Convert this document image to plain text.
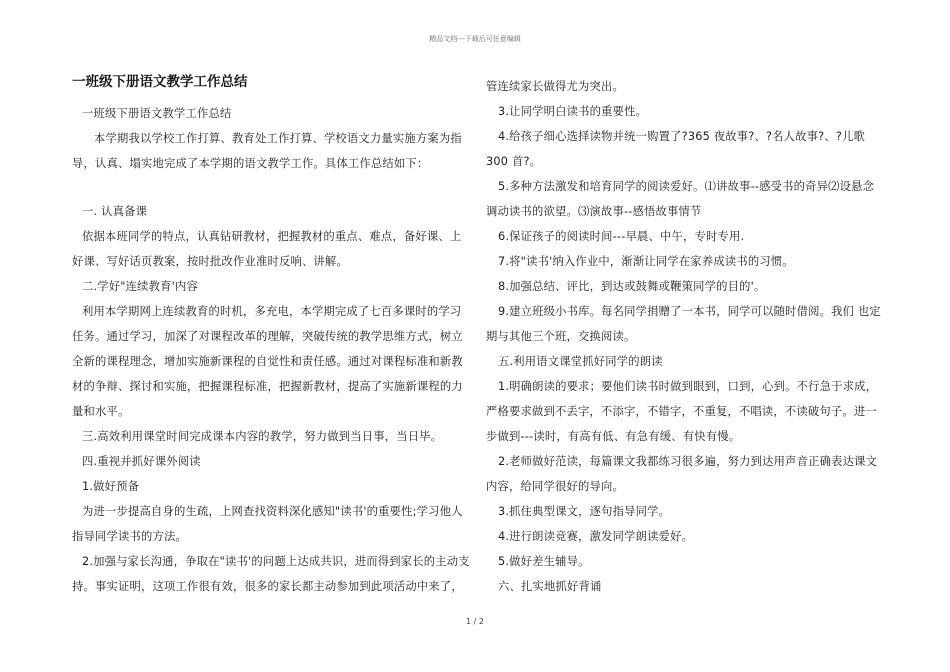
精品文档---下载后可任意编辑
一班级下册语文教学工作总结

一班级下册语文教学工作总结

本学期我以学校工作打算、教育处工作打算、学校语文力量实施方案为指导，认真、塌实地完成了本学期的语文教学工作。具体工作总结如下：

一. 认真备课

依据本班同学的特点，认真钻研教材，把握教材的重点、难点，备好课、上好课、写好话页教案，按时批改作业准时反响、讲解。

二.学好"连续教育'内容

利用本学期网上连续教育的时机，多充电，本学期完成了七百多课时的学习任务。通过学习，加深了对课程改革的理解，突破传统的教学思维方式，树立全新的课程理念，增加实施新课程的自觉性和责任感。通过对课程标准和新教材的争辩、探讨和实施，把握课程标准，把握新教材，提高了实施新课程的力量和水平。

三.高效利用课堂时间完成课本内容的教学，努力做到当日事，当日毕。

四.重视并抓好课外阅读

1.做好预备

为进一步提高自身的生疏，上网查找资料深化感知"读书'的重要性;学习他人指导同学读书的方法。

2.加强与家长沟通，争取在"读书'的问题上达成共识，进而得到家长的主动支持。事实证明，这项工作很有效，很多的家长都主动参加到此项活动中来了，

管连续家长做得尤为突出。

3.让同学明白读书的重要性。

4.给孩子细心选择读物并统一购置了?365 夜故事?、?名人故事?、?儿歌 300 首?。

5.多种方法激发和培育同学的阅读爱好。⑴讲故事--感受书的奇异⑵设悬念调动读书的欲望。⑶演故事--感悟故事情节

6.保证孩子的阅读时间---早晨、中午，专时专用.

7.将"读书'纳入作业中，渐渐让同学在家养成读书的习惯。

8.加强总结、评比，到达或鼓舞或鞭策同学的目的'。

9.建立班级小书库。每名同学捐赠了一本书，同学可以随时借阅。我们 也定期与其他三个班，交换阅读。

五.利用语文课堂抓好同学的朗读

1.明确朗读的要求；要他们读书时做到眼到，口到，心到。不行急于求成，严格要求做到不丢字，不添字，不错字，不重复，不唱读，不读破句子。进一步做到---读时，有高有低、有急有缓、有快有慢。

2.老师做好范读，每篇课文我都练习很多遍，努力到达用声音正确表达课文内容，给同学很好的导向。

3.抓住典型课文，逐句指导同学。

4.进行朗读竞赛，激发同学朗读爱好。

5.做好差生辅导。

六、扎实地抓好背诵

1 / 2
